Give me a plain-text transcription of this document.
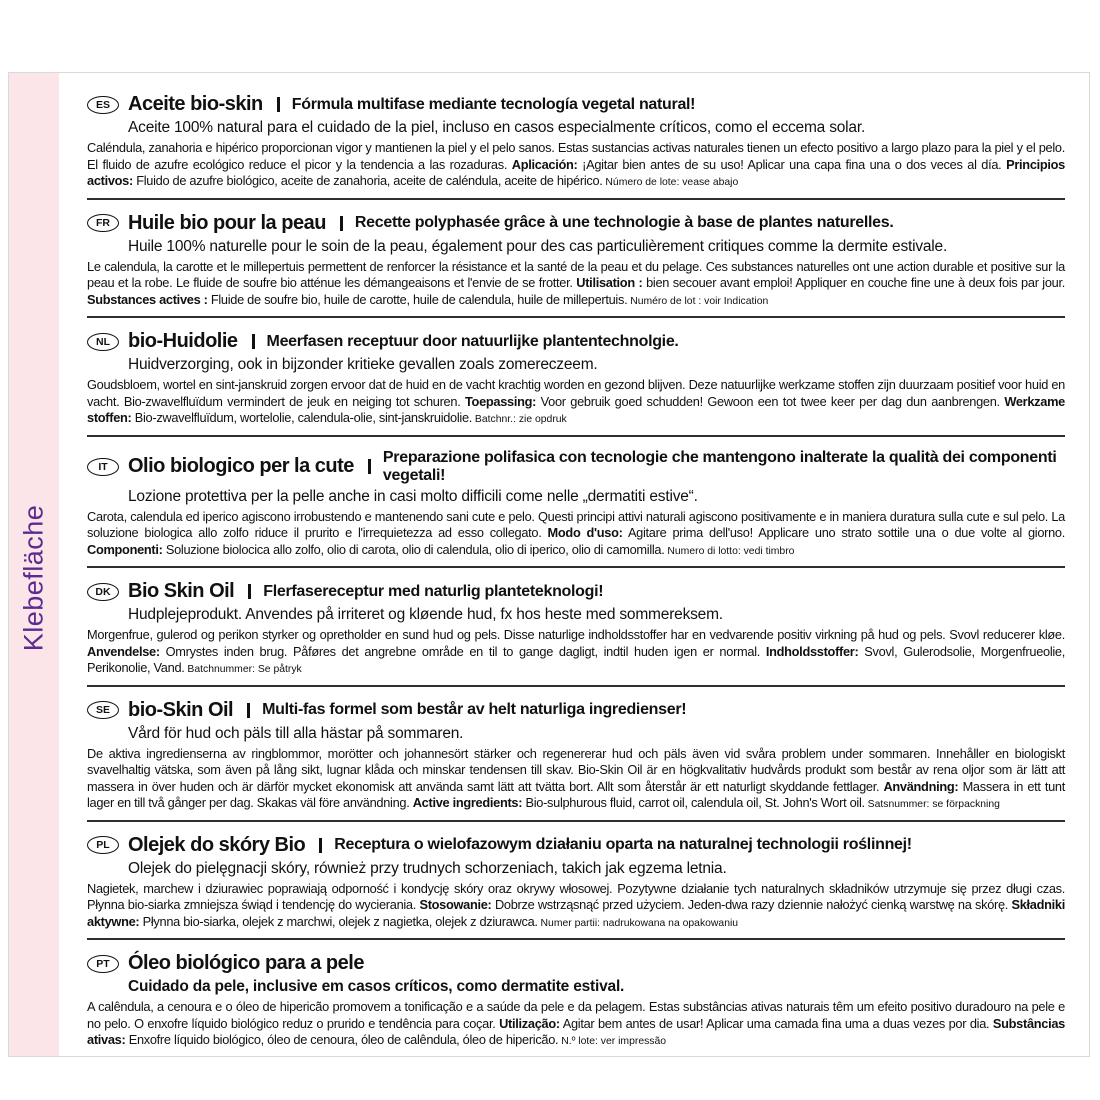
Klebefläche
ES Aceite bio-skin Fórmula multifase mediante tecnología vegetal natural!

Aceite 100% natural para el cuidado de la piel, incluso en casos especialmente críticos, como el eccema solar.

Caléndula, zanahoria e hipérico proporcionan vigor y mantienen la piel y el pelo sanos. Estas sustancias activas naturales tienen un efecto positivo a largo plazo para la piel y el pelo. El fluido de azufre ecológico reduce el picor y la tendencia a las rozaduras. Aplicación: ¡Agitar bien antes de su uso! Aplicar una capa fina una o dos veces al día. Principios activos: Fluido de azufre biológico, aceite de zanahoria, aceite de caléndula, aceite de hipérico. Número de lote: vease abajo

FR Huile bio pour la peau Recette polyphasée grâce à une technologie à base de plantes naturelles.

Huile 100% naturelle pour le soin de la peau, également pour des cas particulièrement critiques comme la dermite estivale.

Le calendula, la carotte et le millepertuis permettent de renforcer la résistance et la santé de la peau et du pelage. Ces substances naturelles ont une action durable et positive sur la peau et la robe. Le fluide de soufre bio atténue les démangeaisons et l'envie de se frotter. Utilisation : bien secouer avant emploi! Appliquer en couche fine une à deux fois par jour. Substances actives : Fluide de soufre bio, huile de carotte, huile de calendula, huile de millepertuis. Numéro de lot : voir Indication

NL bio-Huidolie Meerfasen receptuur door natuurlijke plantentechnolgie.

Huidverzorging, ook in bijzonder kritieke gevallen zoals zomereczeem.

Goudsbloem, wortel en sint-janskruid zorgen ervoor dat de huid en de vacht krachtig worden en gezond blijven. Deze natuurlijke werkzame stoffen zijn duurzaam positief voor huid en vacht. Bio-zwavelfluïdum vermindert de jeuk en neiging tot schuren. Toepassing: Voor gebruik goed schudden! Gewoon een tot twee keer per dag dun aanbrengen. Werkzame stoffen: Bio-zwavelfluïdum, wortelolie, calendula-olie, sint-janskruidolie. Batchnr.: zie opdruk

IT	Olio biologico per la cute Preparazione polifasica con tecnologie che mantengono inalterate la qualità dei componenti vegetali!

Lozione protettiva per la pelle anche in casi molto difficili come nelle „dermatiti estive“.

Carota, calendula ed iperico agiscono irrobustendo e mantenendo sani cute e pelo. Questi principi attivi naturali agiscono positivamente e in maniera duratura sulla cute e sul pelo. La soluzione biologica allo zolfo riduce il prurito e l'irrequietezza ad esso collegato. Modo d'uso: Agitare prima dell'uso! Applicare uno strato sottile una o due volte al giorno. Componenti: Soluzione biolocica allo zolfo, olio di carota, olio di calendula, olio di iperico, olio di camomilla. Numero di lotto: vedi timbro

DK Bio Skin Oil Flerfasereceptur med naturlig planteteknologi!

Hudplejeprodukt. Anvendes på irriteret og kløende hud, fx hos heste med sommereksem.

Morgenfrue, gulerod og perikon styrker og opretholder en sund hud og pels. Disse naturlige indholdsstoffer har en vedvarende positiv virkning på hud og pels. Svovl reducerer kløe. Anvendelse: Omrystes inden brug. Påføres det angrebne område en til to gange dagligt, indtil huden igen er normal. Indholdsstoffer: Svovl, Gulerodsolie, Morgenfrueolie, Perikonolie, Vand. Batchnummer: Se påtryk

SE bio-Skin Oil Multi-fas formel som består av helt naturliga ingredienser!

Vård för hud och päls till alla hästar på sommaren.

De aktiva ingredienserna av ringblommor, morötter och johannesört stärker och regenererar hud och päls även vid svåra problem under sommaren. Innehåller en biologiskt svavelhaltig vätska, som även på lång sikt, lugnar klåda och minskar tendensen till skav. Bio-Skin Oil är en högkvalitativ hudvårds produkt som består av rena oljor som är lätt att massera in över huden och är därför mycket ekonomisk att använda samt lätt att tvätta bort. Allt som återstår är ett naturligt skyddande fettlager. Användning: Massera in ett tunt lager en till två gånger per dag. Skakas väl före användning. Active ingredients: Bio-sulphurous fluid, carrot oil, calendula oil, St. John's Wort oil. Satsnummer: se förpackning

PL Olejek do skóry Bio Receptura o wielofazowym działaniu oparta na naturalnej technologii roślinnej!

Olejek do pielęgnacji skóry, również przy trudnych schorzeniach, takich jak egzema letnia.

Nagietek, marchew i dziurawiec poprawiają odporność i kondycję skóry oraz okrywy włosowej. Pozytywne działanie tych naturalnych składników utrzymuje się przez długi czas. Płynna bio-siarka zmniejsza świąd i tendencję do wycierania. Stosowanie: Dobrze wstrząsnąć przed użyciem. Jeden-dwa razy dziennie nałożyć cienką warstwę na skórę. Składniki aktywne: Płynna bio-siarka, olejek z marchwi, olejek z nagietka, olejek z dziurawca. Numer partii: nadrukowana na opakowaniu

PT Óleo biológico para a pele

Cuidado da pele, inclusive em casos críticos, como dermatite estival.

A calêndula, a cenoura e o óleo de hipericão promovem a tonificação e a saúde da pele e da pelagem. Estas substâncias ativas naturais têm um efeito positivo duradouro na pele e no pelo. O enxofre líquido biológico reduz o prurido e tendência para coçar. Utilização: Agitar bem antes de usar! Aplicar uma camada fina uma a duas vezes por dia. Substâncias ativas: Enxofre líquido biológico, óleo de cenoura, óleo de calêndula, óleo de hipericão. N.º lote: ver impressão
